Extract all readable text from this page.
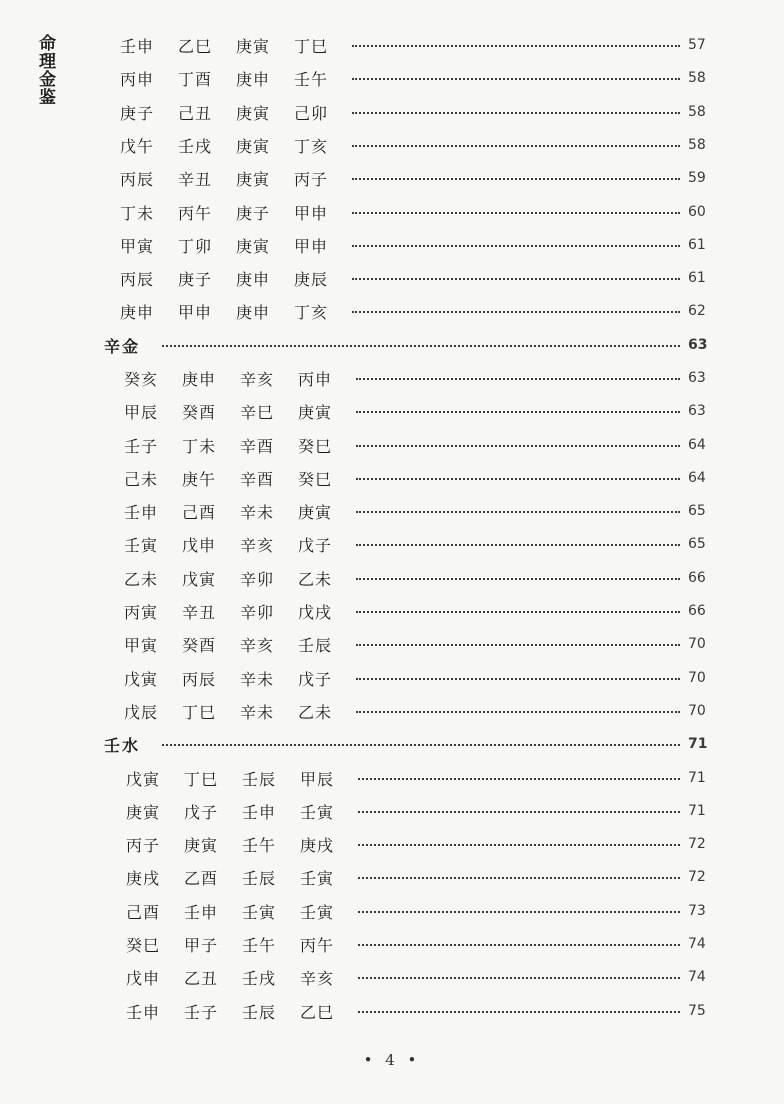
命理金鉴	壬申	乙巳	庚寅	丁巳	57
丙申	丁酉	庚申	壬午	58
庚子	己丑	庚寅	己卯	58
戊午	壬戌	庚寅	丁亥	58
丙辰	辛丑	庚寅	丙子	59
丁未	丙午	庚子	甲申	60
甲寅	丁卯	庚寅	甲申	61
丙辰	庚子	庚申	庚辰	61
庚申	甲申	庚申	丁亥	62
辛金	63
癸亥	庚申	辛亥	丙申	63
甲辰	癸酉	辛巳	庚寅	63
壬子	丁未	辛酉	癸巳	64
己未	庚午	辛酉	癸巳	64
壬申	己酉	辛未	庚寅	65
壬寅	戊申	辛亥	戊子	65
乙未	戊寅	辛卯	乙未	66
丙寅	辛丑	辛卯	戊戌	66
甲寅	癸酉	辛亥	壬辰	70
戊寅	丙辰	辛未	戊子	70
戊辰	丁巳	辛未	乙未	70
壬水	71
戊寅	丁巳	壬辰	甲辰	71
庚寅	戊子	壬申	壬寅	71
丙子	庚寅	壬午	庚戌	72
庚戌	乙酉	壬辰	壬寅	72
己酉	壬申	壬寅	壬寅	73
癸巳	甲子	壬午	丙午	74
戊申	乙丑	壬戌	辛亥	74
壬申	壬子	壬辰	乙巳	75
• 4 •
